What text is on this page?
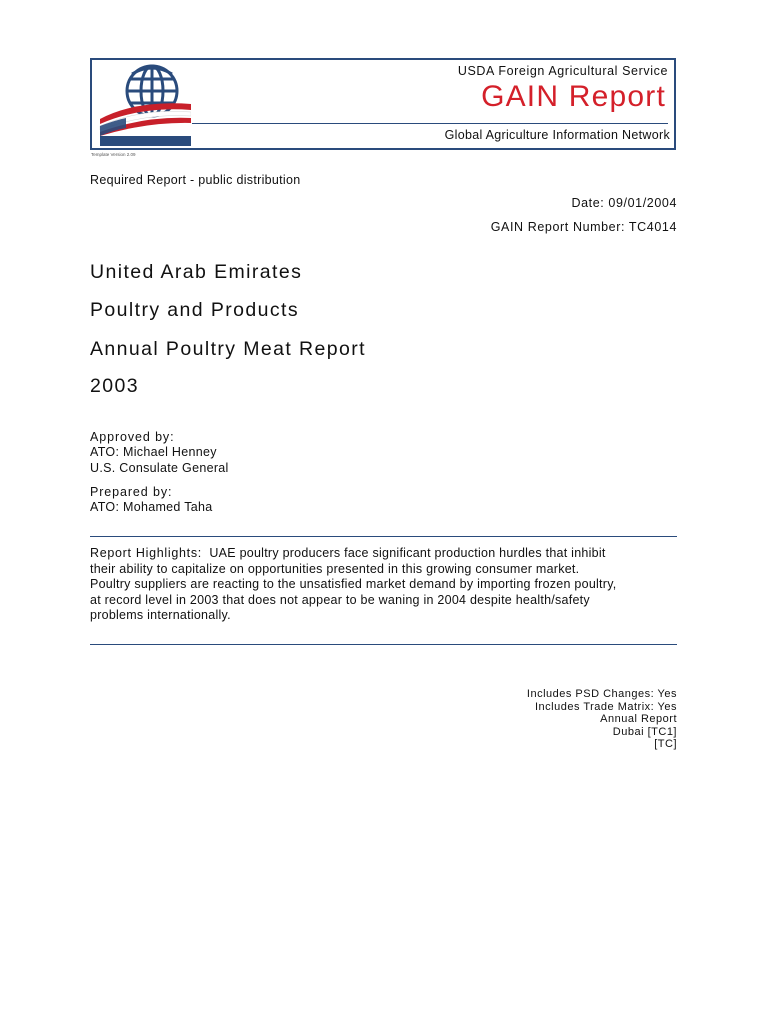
USDA Foreign Agricultural Service
GAIN Report
Global Agriculture Information Network
Template Version 2.09
Required Report - public distribution
Date: 09/01/2004
GAIN Report Number: TC4014
United Arab Emirates
Poultry and Products
Annual Poultry Meat Report
2003
Approved by:
ATO: Michael Henney
U.S. Consulate General
Prepared by:
ATO: Mohamed Taha
Report Highlights: UAE poultry producers face significant production hurdles that inhibit
their ability to capitalize on opportunities presented in this growing consumer market.
Poultry suppliers are reacting to the unsatisfied market demand by importing frozen poultry,
at record level in 2003 that does not appear to be waning in 2004 despite health/safety
problems internationally.
Includes PSD Changes: Yes
Includes Trade Matrix: Yes
Annual Report
Dubai [TC1]
[TC]
